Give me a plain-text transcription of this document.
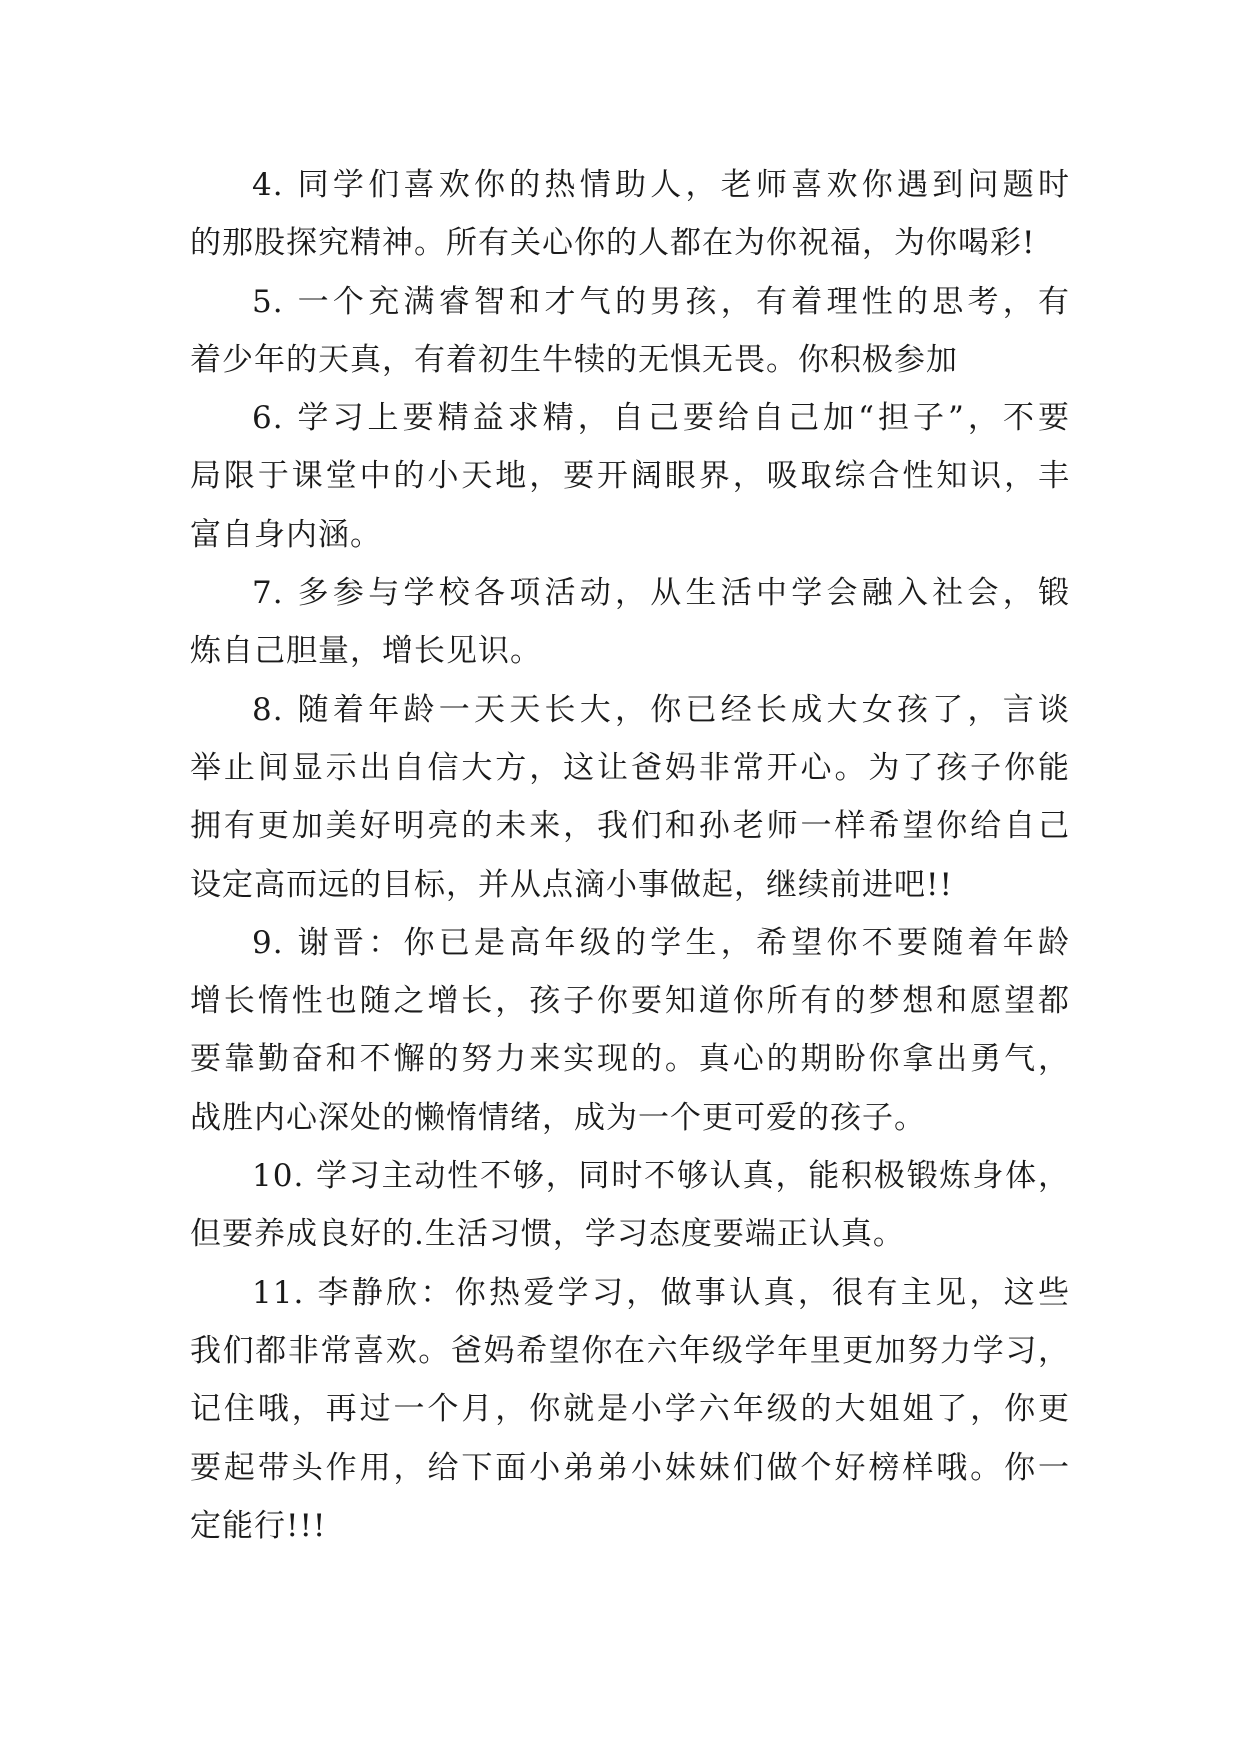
4. 同学们喜欢你的热情助人，老师喜欢你遇到问题时
的那股探究精神。所有关心你的人都在为你祝福，为你喝彩!
5. 一个充满睿智和才气的男孩，有着理性的思考，有
着少年的天真，有着初生牛犊的无惧无畏。你积极参加
6. 学习上要精益求精，自己要给自己加“担子”，不要
局限于课堂中的小天地，要开阔眼界，吸取综合性知识，丰
富自身内涵。
7. 多参与学校各项活动，从生活中学会融入社会，锻
炼自己胆量，增长见识。
8. 随着年龄一天天长大，你已经长成大女孩了，言谈
举止间显示出自信大方，这让爸妈非常开心。为了孩子你能
拥有更加美好明亮的未来，我们和孙老师一样希望你给自己
设定高而远的目标，并从点滴小事做起，继续前进吧!!
9. 谢晋：你已是高年级的学生，希望你不要随着年龄
增长惰性也随之增长，孩子你要知道你所有的梦想和愿望都
要靠勤奋和不懈的努力来实现的。真心的期盼你拿出勇气，
战胜内心深处的懒惰情绪，成为一个更可爱的孩子。
10. 学习主动性不够，同时不够认真，能积极锻炼身体，
但要养成良好的.生活习惯，学习态度要端正认真。
11. 李静欣：你热爱学习，做事认真，很有主见，这些
我们都非常喜欢。爸妈希望你在六年级学年里更加努力学习，
记住哦，再过一个月，你就是小学六年级的大姐姐了，你更
要起带头作用，给下面小弟弟小妹妹们做个好榜样哦。你一
定能行!!!
